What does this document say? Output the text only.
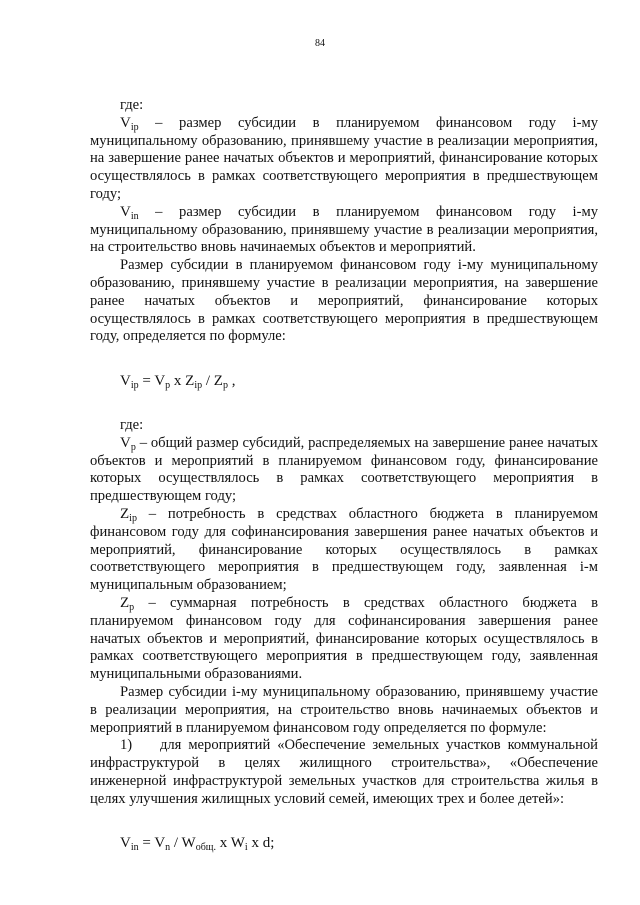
84

где:

$V_{ip}$ – размер субсидии в планируемом финансовом году i-му муниципальному образованию, принявшему участие в реализации мероприятия, на завершение ранее начатых объектов и мероприятий, финансирование которых осуществлялось в рамках соответствующего мероприятия в предшествующем году;

$V_{in}$ – размер субсидии в планируемом финансовом году i-му муниципальному образованию, принявшему участие в реализации мероприятия, на строительство вновь начинаемых объектов и мероприятий.

Размер субсидии в планируемом финансовом году i-му муниципальному образованию, принявшему участие в реализации мероприятия, на завершение ранее начатых объектов и мероприятий, финансирование которых осуществлялось в рамках соответствующего мероприятия в предшествующем году, определяется по формуле:

$V_{ip} = V_p$ x $Z_{ip} / Z_p$ ,

где:

$V_p$ – общий размер субсидий, распределяемых на завершение ранее начатых объектов и мероприятий в планируемом финансовом году, финансирование которых осуществлялось в рамках соответствующего мероприятия в предшествующем году;

$Z_{ip}$ – потребность в средствах областного бюджета в планируемом финансовом году для софинансирования завершения ранее начатых объектов и мероприятий, финансирование которых осуществлялось в рамках соответствующего мероприятия в предшествующем году, заявленная i-м муниципальным образованием;

$Z_p$ – суммарная потребность в средствах областного бюджета в планируемом финансовом году для софинансирования завершения ранее начатых объектов и мероприятий, финансирование которых осуществлялось в рамках соответствующего мероприятия в предшествующем году, заявленная муниципальными образованиями.

Размер субсидии i-му муниципальному образованию, принявшему участие в реализации мероприятия, на строительство вновь начинаемых объектов и мероприятий в планируемом финансовом году определяется по формуле:

1)    для мероприятий «Обеспечение земельных участков коммунальной инфраструктурой в целях жилищного строительства», «Обеспечение инженерной инфраструктурой земельных участков для строительства жилья в целях улучшения жилищных условий семей, имеющих трех и более детей»:

$V_{in} = V_n / W_{общ.}$ x $W_i$ x d;
